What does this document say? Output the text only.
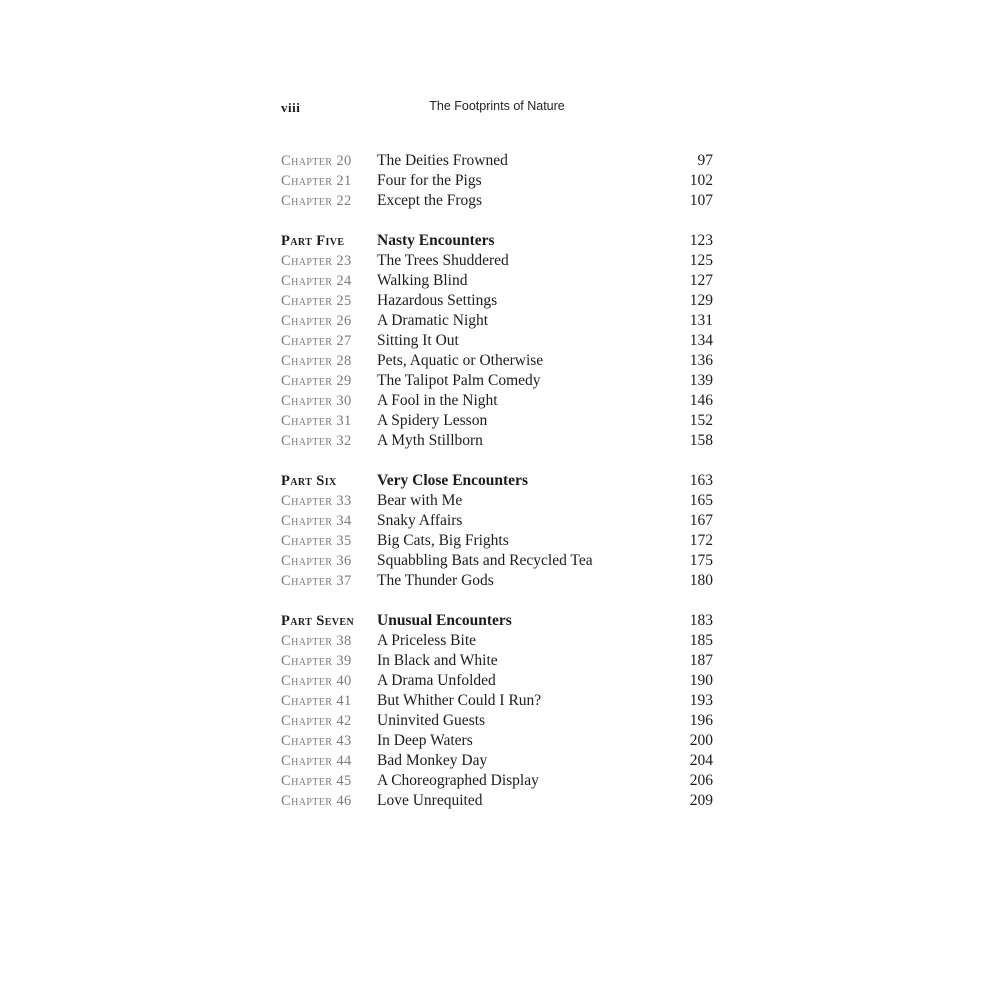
viii	The Footprints of Nature
Chapter 20	The Deities Frowned	97
Chapter 21	Four for the Pigs	102
Chapter 22	Except the Frogs	107
Part Five	Nasty Encounters	123
Chapter 23	The Trees Shuddered	125
Chapter 24	Walking Blind	127
Chapter 25	Hazardous Settings	129
Chapter 26	A Dramatic Night	131
Chapter 27	Sitting It Out	134
Chapter 28	Pets, Aquatic or Otherwise	136
Chapter 29	The Talipot Palm Comedy	139
Chapter 30	A Fool in the Night	146
Chapter 31	A Spidery Lesson	152
Chapter 32	A Myth Stillborn	158
Part Six	Very Close Encounters	163
Chapter 33	Bear with Me	165
Chapter 34	Snaky Affairs	167
Chapter 35	Big Cats, Big Frights	172
Chapter 36	Squabbling Bats and Recycled Tea	175
Chapter 37	The Thunder Gods	180
Part Seven	Unusual Encounters	183
Chapter 38	A Priceless Bite	185
Chapter 39	In Black and White	187
Chapter 40	A Drama Unfolded	190
Chapter 41	But Whither Could I Run?	193
Chapter 42	Uninvited Guests	196
Chapter 43	In Deep Waters	200
Chapter 44	Bad Monkey Day	204
Chapter 45	A Choreographed Display	206
Chapter 46	Love Unrequited	209
